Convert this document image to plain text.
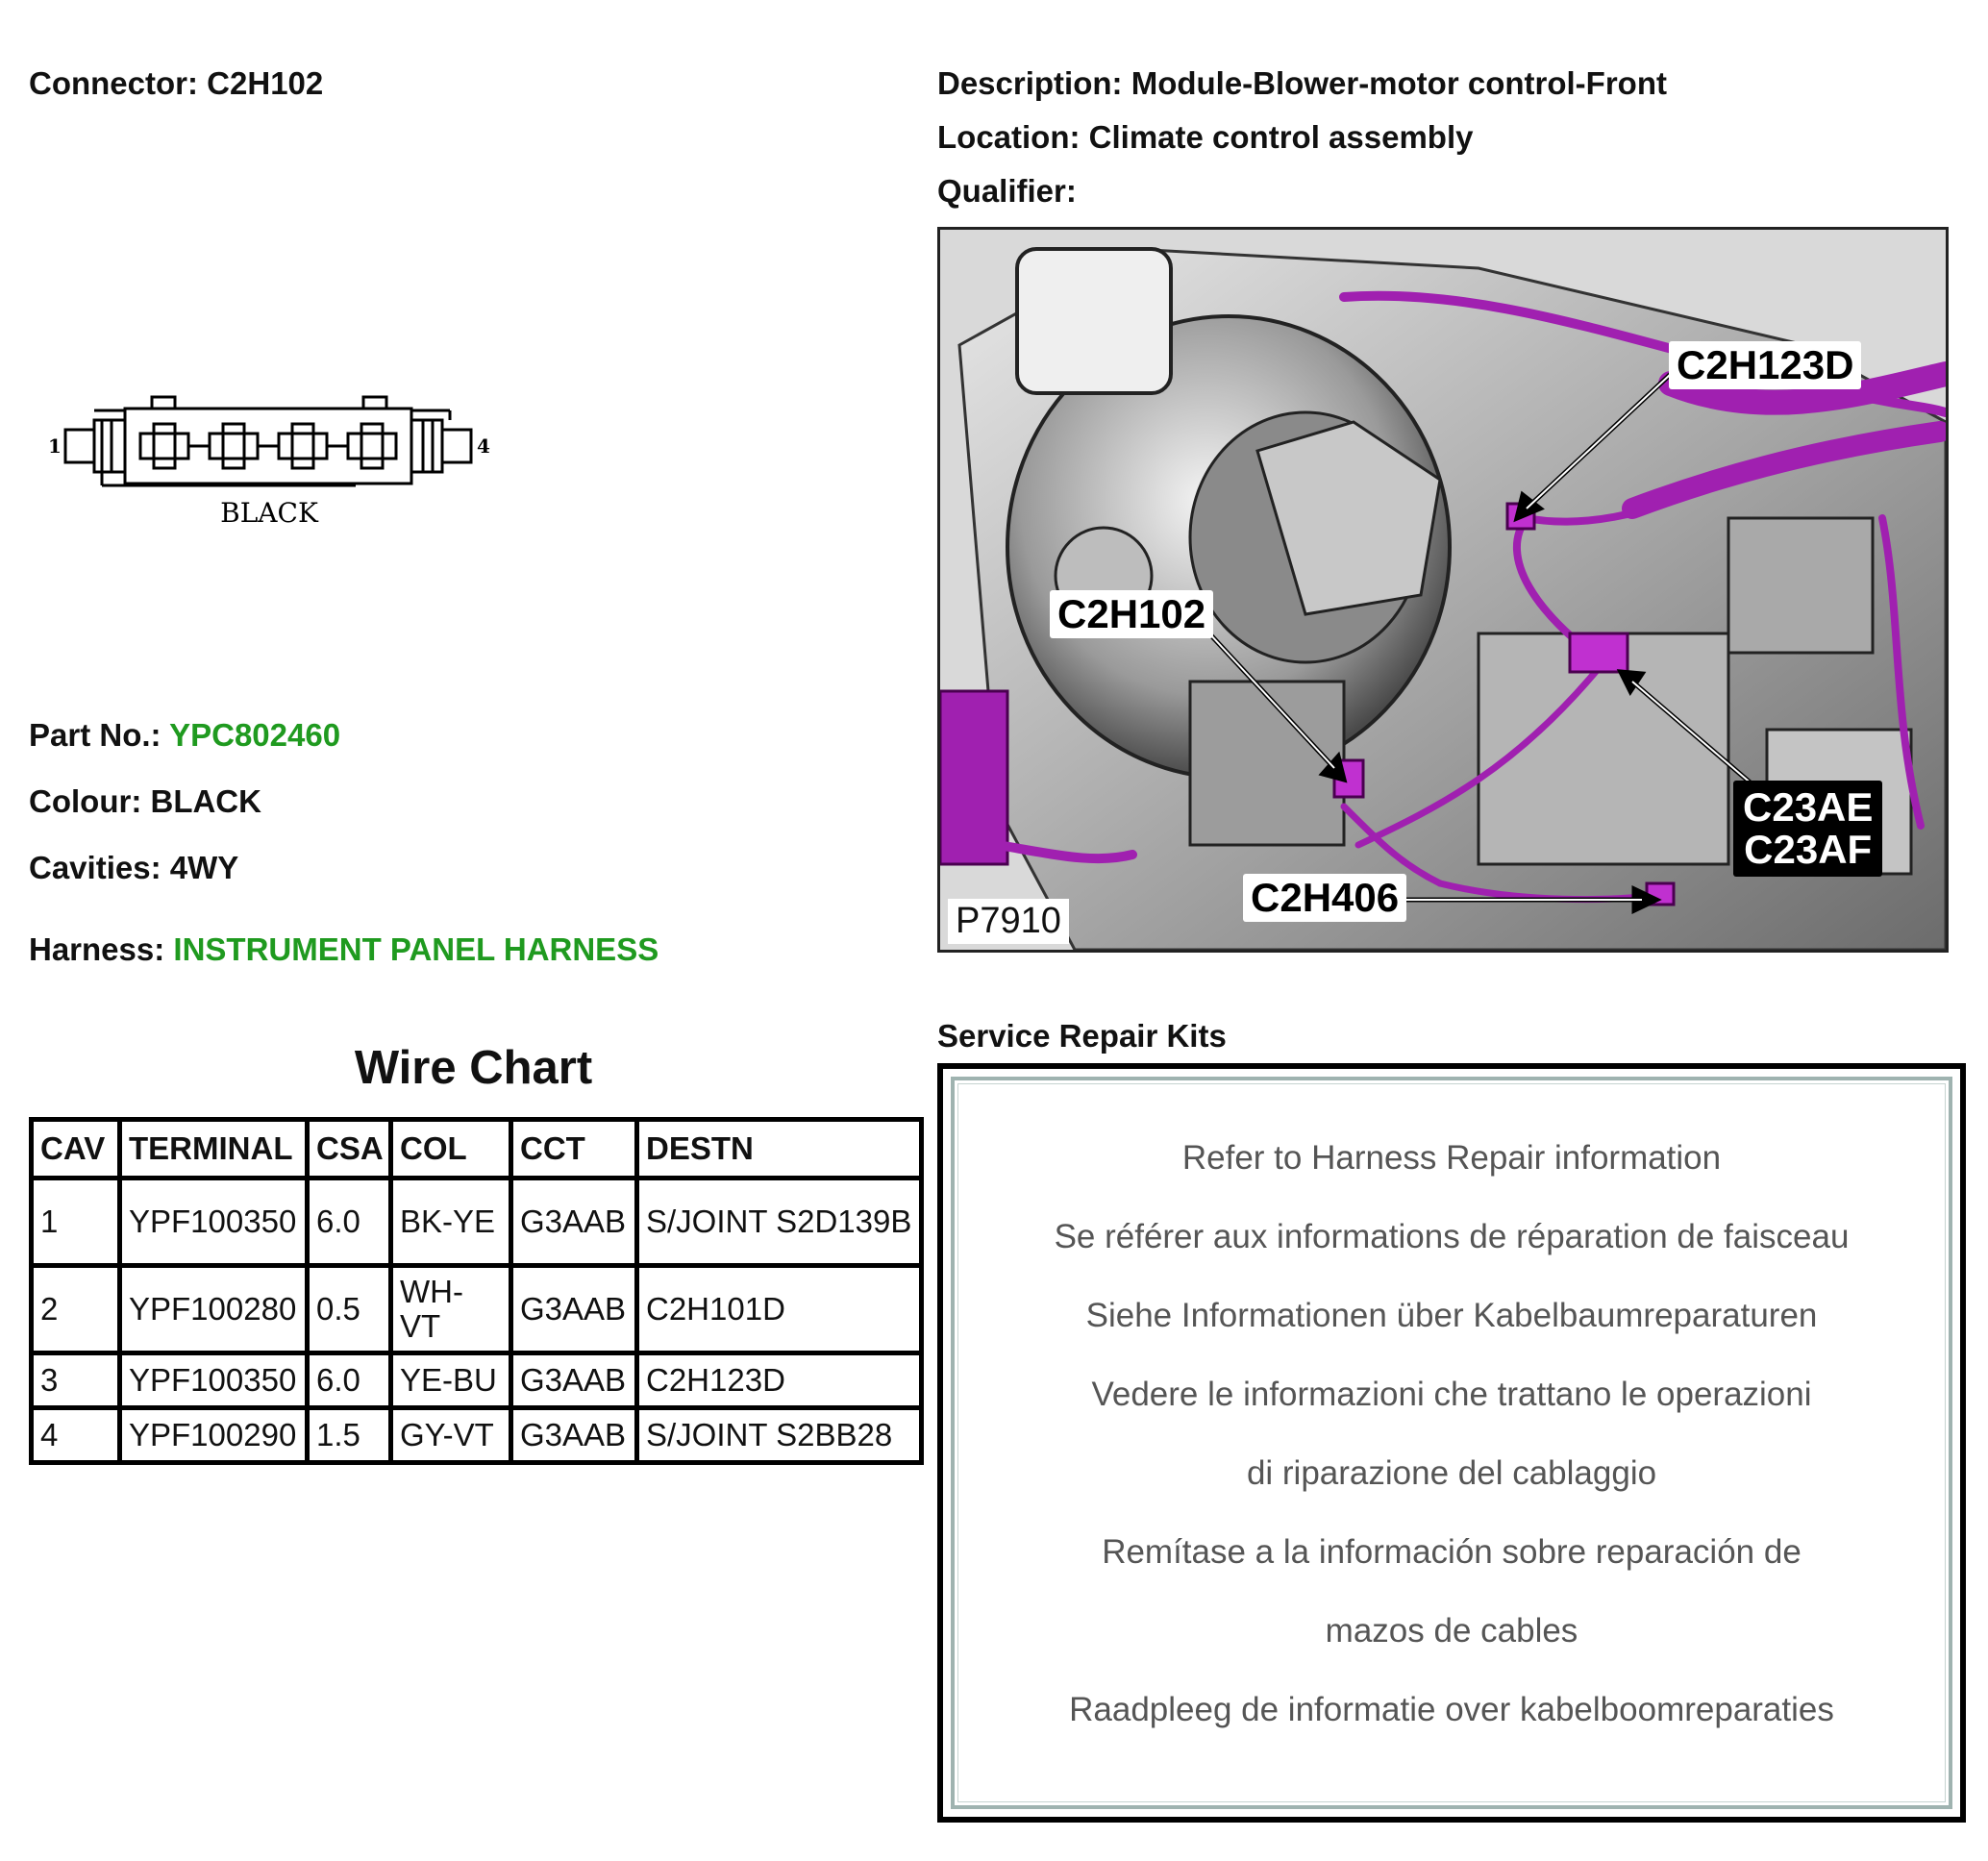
Connector: C2H102	Description: Module-Blower-motor control-Front
Location: Climate control assembly
Qualifier:
1	4
BLACK
Part No.: YPC802460
Colour: BLACK
Cavities: 4WY
Harness: INSTRUMENT PANEL HARNESS
C2H123D
C2H102
C23AE
C23AF
C2H406
P7910
Wire Chart
CAV	TERMINAL	CSA	COL	CCT	DESTN
1	YPF100350	6.0	BK-YE	G3AAB	S/JOINT S2D139B
2	YPF100280	0.5	WH-VT	G3AAB	C2H101D
3	YPF100350	6.0	YE-BU	G3AAB	C2H123D
4	YPF100290	1.5	GY-VT	G3AAB	S/JOINT S2BB28
Service Repair Kits
Refer to Harness Repair information
Se référer aux informations de réparation de faisceau
Siehe Informationen über Kabelbaumreparaturen
Vedere le informazioni che trattano le operazioni
di riparazione del cablaggio
Remítase a la información sobre reparación de
mazos de cables
Raadpleeg de informatie over kabelboomreparaties
